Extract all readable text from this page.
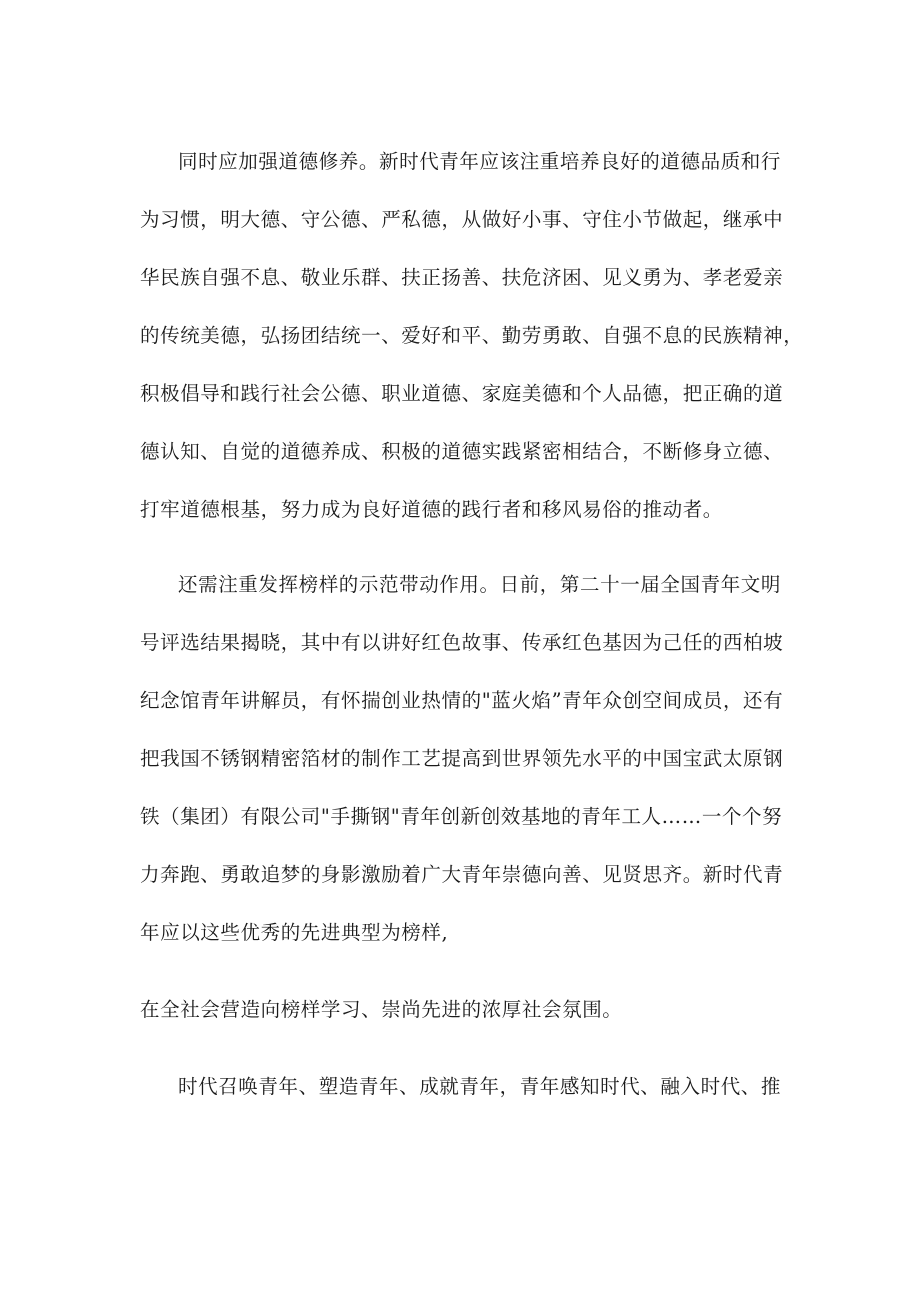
同时应加强道德修养。新时代青年应该注重培养良好的道德品质和行
为习惯，明大德、守公德、严私德，从做好小事、守住小节做起，继承中
华民族自强不息、敬业乐群、扶正扬善、扶危济困、见义勇为、孝老爱亲
的传统美德，弘扬团结统一、爱好和平、勤劳勇敢、自强不息的民族精神，
积极倡导和践行社会公德、职业道德、家庭美德和个人品德，把正确的道
德认知、自觉的道德养成、积极的道德实践紧密相结合，不断修身立德、
打牢道德根基，努力成为良好道德的践行者和移风易俗的推动者。
还需注重发挥榜样的示范带动作用。日前，第二十一届全国青年文明
号评选结果揭晓，其中有以讲好红色故事、传承红色基因为己任的西柏坡
纪念馆青年讲解员，有怀揣创业热情的"蓝火焰”青年众创空间成员，还有
把我国不锈钢精密箔材的制作工艺提高到世界领先水平的中国宝武太原钢
铁（集团）有限公司"手撕钢"青年创新创效基地的青年工人……一个个努
力奔跑、勇敢追梦的身影激励着广大青年崇德向善、见贤思齐。新时代青
年应以这些优秀的先进典型为榜样,
在全社会营造向榜样学习、崇尚先进的浓厚社会氛围。
时代召唤青年、塑造青年、成就青年，青年感知时代、融入时代、推
